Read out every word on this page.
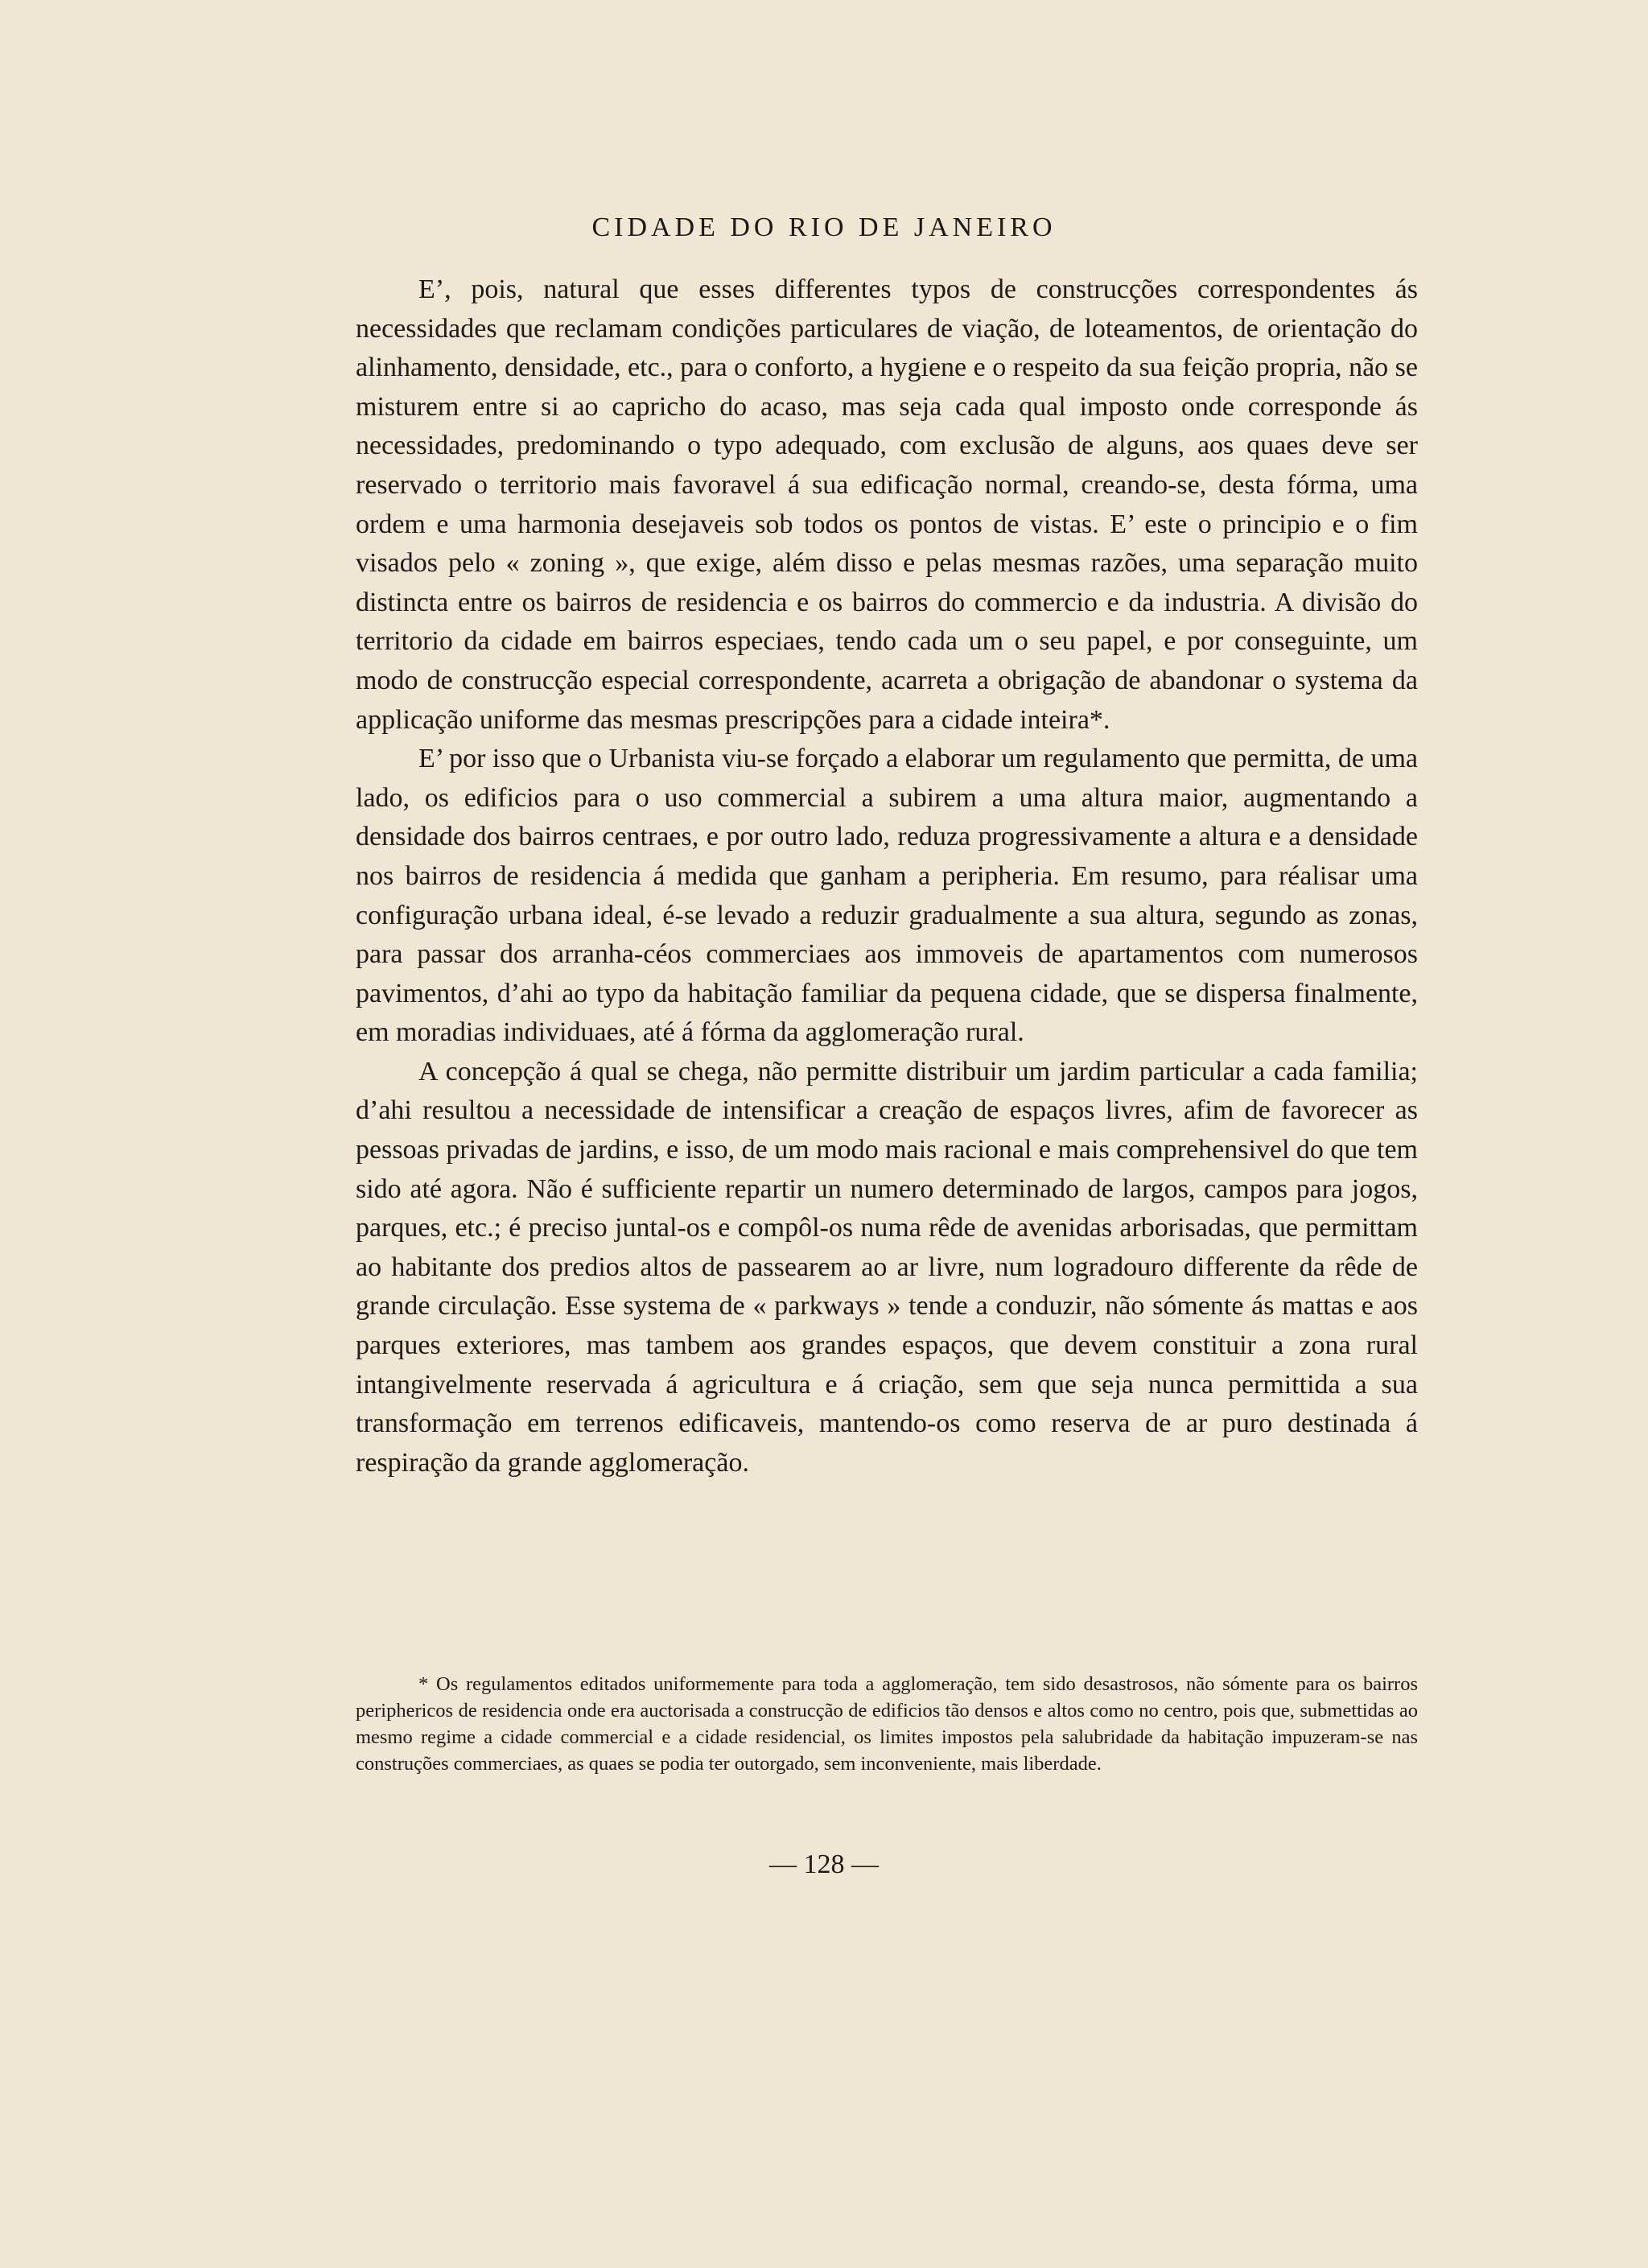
CIDADE DO RIO DE JANEIRO

E’, pois, natural que esses differentes typos de construcções correspondentes ás necessidades que reclamam condições particulares de viação, de loteamentos, de orientação do alinhamento, densidade, etc., para o conforto, a hygiene e o respeito da sua feição propria, não se misturem entre si ao capricho do acaso, mas seja cada qual imposto onde corresponde ás necessidades, predominando o typo adequado, com exclusão de alguns, aos quaes deve ser reservado o territorio mais favoravel á sua edificação normal, creando-se, desta fórma, uma ordem e uma harmonia desejaveis sob todos os pontos de vistas. E’ este o principio e o fim visados pelo « zoning », que exige, além disso e pelas mesmas razões, uma separação muito distincta entre os bairros de residencia e os bairros do commercio e da industria. A divisão do territorio da cidade em bairros especiaes, tendo cada um o seu papel, e por conseguinte, um modo de construcção especial correspondente, acarreta a obrigação de abandonar o systema da applicação uniforme das mesmas prescripções para a cidade inteira*.

E’ por isso que o Urbanista viu-se forçado a elaborar um regulamento que permitta, de uma lado, os edificios para o uso commercial a subirem a uma altura maior, augmentando a densidade dos bairros centraes, e por outro lado, reduza progressivamente a altura e a densidade nos bairros de residencia á medida que ganham a peripheria. Em resumo, para réalisar uma configuração urbana ideal, é-se levado a reduzir gradualmente a sua altura, segundo as zonas, para passar dos arranha-céos commerciaes aos immoveis de apartamentos com numerosos pavimentos, d’ahi ao typo da habitação familiar da pequena cidade, que se dispersa finalmente, em moradias individuaes, até á fórma da agglomeração rural.

A concepção á qual se chega, não permitte distribuir um jardim particular a cada familia; d’ahi resultou a necessidade de intensificar a creação de espaços livres, afim de favorecer as pessoas privadas de jardins, e isso, de um modo mais racional e mais comprehensivel do que tem sido até agora. Não é sufficiente repartir un numero determinado de largos, campos para jogos, parques, etc.; é preciso juntal-os e compôl-os numa rêde de avenidas arborisadas, que permittam ao habitante dos predios altos de passearem ao ar livre, num logradouro differente da rêde de grande circulação. Esse systema de « parkways » tende a conduzir, não sómente ás mattas e aos parques exteriores, mas tambem aos grandes espaços, que devem constituir a zona rural intangivelmente reservada á agricultura e á criação, sem que seja nunca permittida a sua transformação em terrenos edificaveis, mantendo-os como reserva de ar puro destinada á respiração da grande agglomeração.

* Os regulamentos editados uniformemente para toda a agglomeração, tem sido desastrosos, não sómente para os bairros periphericos de residencia onde era auctorisada a construcção de edificios tão densos e altos como no centro, pois que, submettidas ao mesmo regime a cidade commercial e a cidade residencial, os limites impostos pela salubridade da habitação impuzeram-se nas construções commerciaes, as quaes se podia ter outorgado, sem inconveniente, mais liberdade.

— 128 —
